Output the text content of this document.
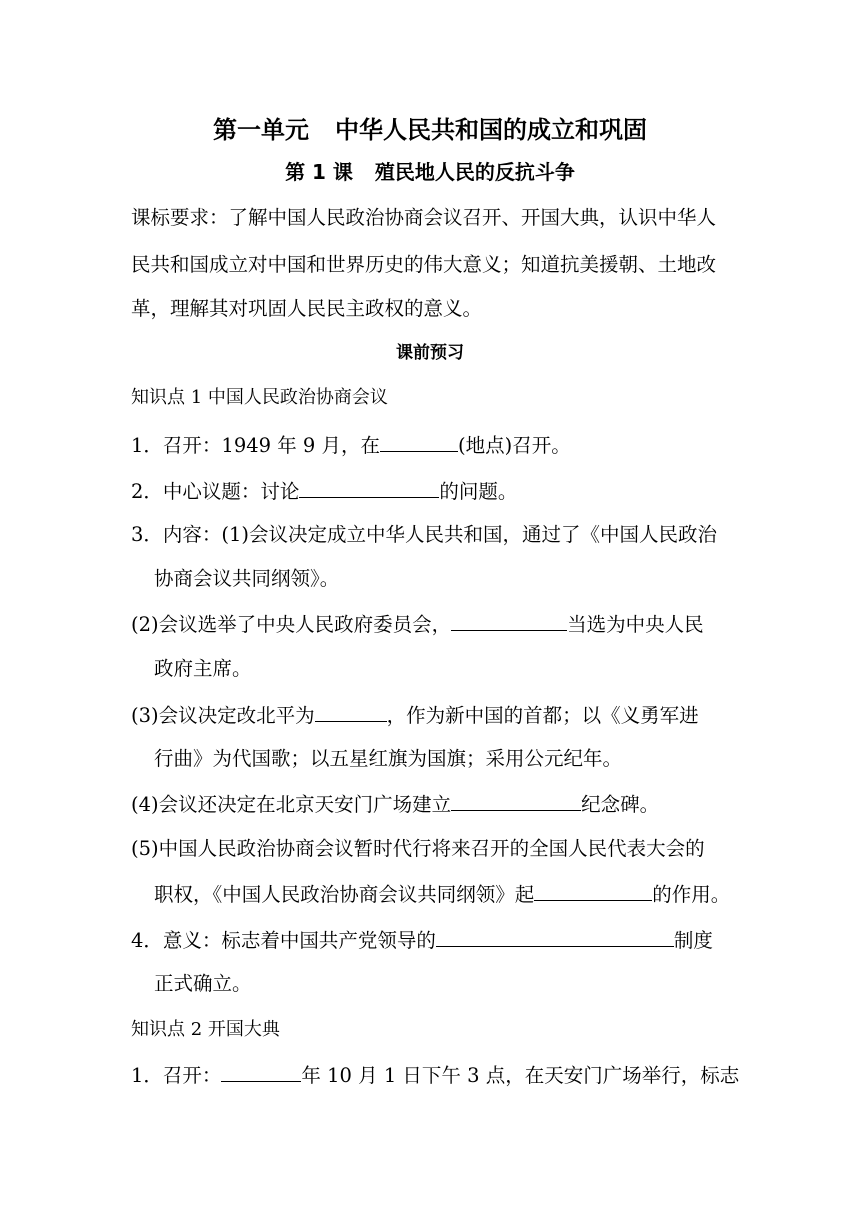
第一单元 中华人民共和国的成立和巩固
第 1 课 殖民地人民的反抗斗争
课标要求：了解中国人民政治协商会议召开、开国大典，认识中华人
民共和国成立对中国和世界历史的伟大意义；知道抗美援朝、土地改
革，理解其对巩固人民民主政权的意义。
课前预习
知识点 1 中国人民政治协商会议
1．召开：1949 年 9 月，在	(地点)召开。
2．中心议题：讨论	的问题。
3．内容：(1)会议决定成立中华人民共和国，通过了《中国人民政治
协商会议共同纲领》。
(2)会议选举了中央人民政府委员会，	当选为中央人民
政府主席。
(3)会议决定改北平为	，作为新中国的首都；以《义勇军进
行曲》为代国歌；以五星红旗为国旗；采用公元纪年。
(4)会议还决定在北京天安门广场建立	纪念碑。
(5)中国人民政治协商会议暂时代行将来召开的全国人民代表大会的
职权，《中国人民政治协商会议共同纲领》起	的作用。
4．意义：标志着中国共产党领导的	制度
正式确立。
知识点 2 开国大典
1．召开：	年 10 月 1 日下午 3 点，在天安门广场举行，标志
